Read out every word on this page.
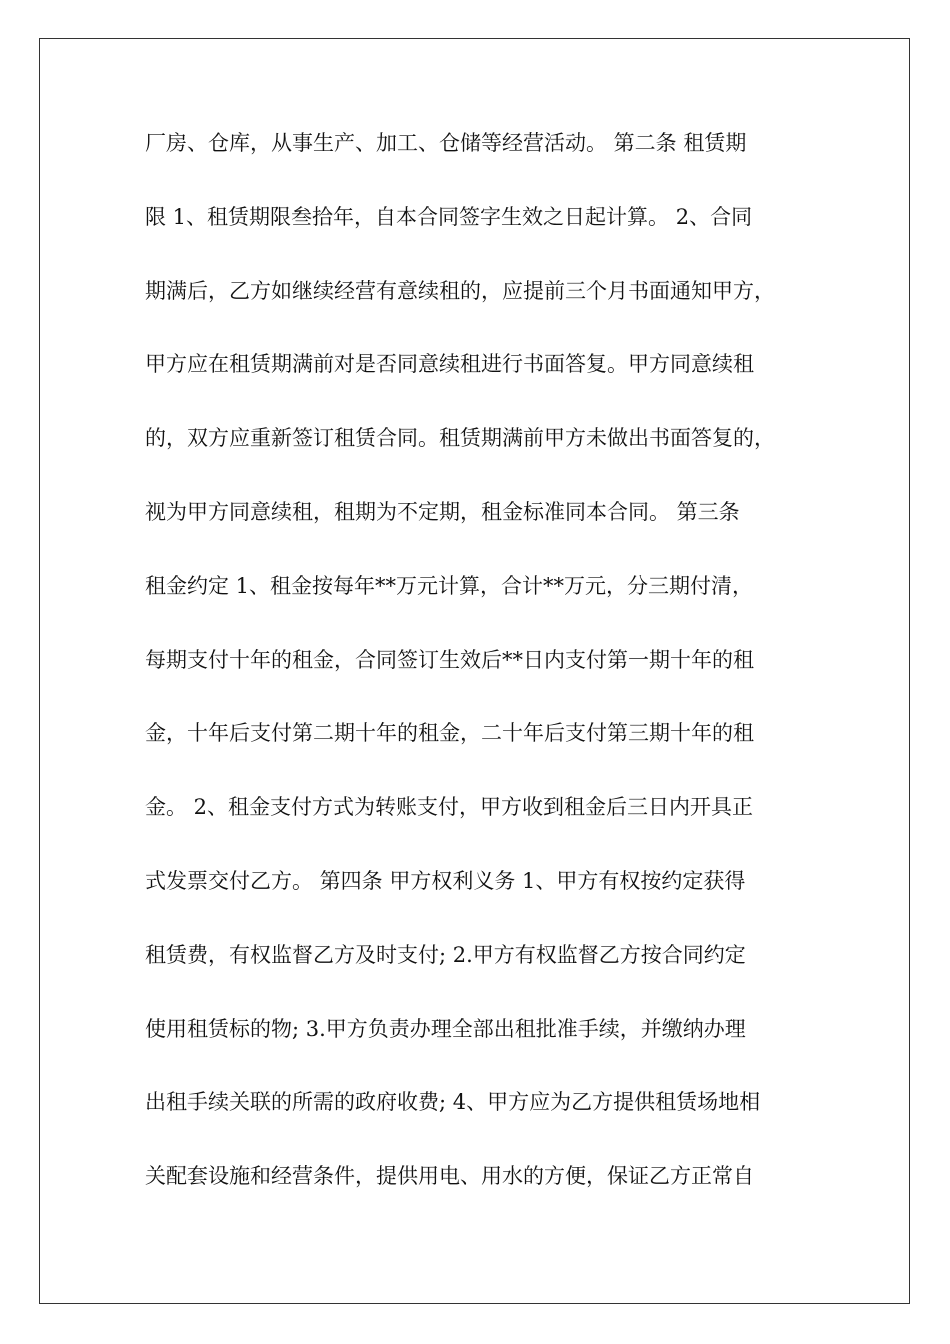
厂房、仓库，从事生产、加工、仓储等经营活动。 第二条 租赁期
限 1、租赁期限叁拾年，自本合同签字生效之日起计算。 2、合同
期满后，乙方如继续经营有意续租的，应提前三个月书面通知甲方，
甲方应在租赁期满前对是否同意续租进行书面答复。甲方同意续租
的，双方应重新签订租赁合同。租赁期满前甲方未做出书面答复的，
视为甲方同意续租，租期为不定期，租金标准同本合同。 第三条
租金约定 1、租金按每年**万元计算，合计**万元，分三期付清，
每期支付十年的租金，合同签订生效后**日内支付第一期十年的租
金，十年后支付第二期十年的租金，二十年后支付第三期十年的租
金。 2、租金支付方式为转账支付，甲方收到租金后三日内开具正
式发票交付乙方。 第四条 甲方权利义务 1、甲方有权按约定获得
租赁费，有权监督乙方及时支付; 2.甲方有权监督乙方按合同约定
使用租赁标的物; 3.甲方负责办理全部出租批准手续，并缴纳办理
出租手续关联的所需的政府收费; 4、甲方应为乙方提供租赁场地相
关配套设施和经营条件，提供用电、用水的方便，保证乙方正常自
